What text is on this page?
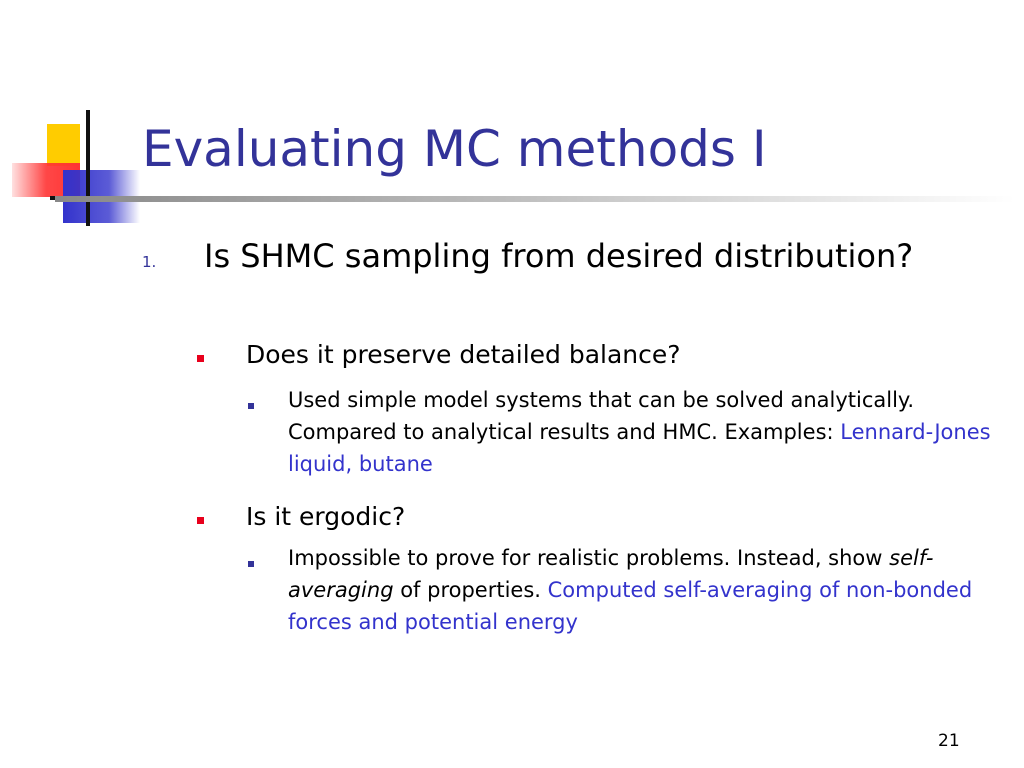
Evaluating MC methods I
1. Is SHMC sampling from desired distribution?
Does it preserve detailed balance?
Used simple model systems that can be solved analytically. Compared to analytical results and HMC. Examples: Lennard-Jones liquid, butane
Is it ergodic?
Impossible to prove for realistic problems. Instead, show self-averaging of properties. Computed self-averaging of non-bonded forces and potential energy
21
